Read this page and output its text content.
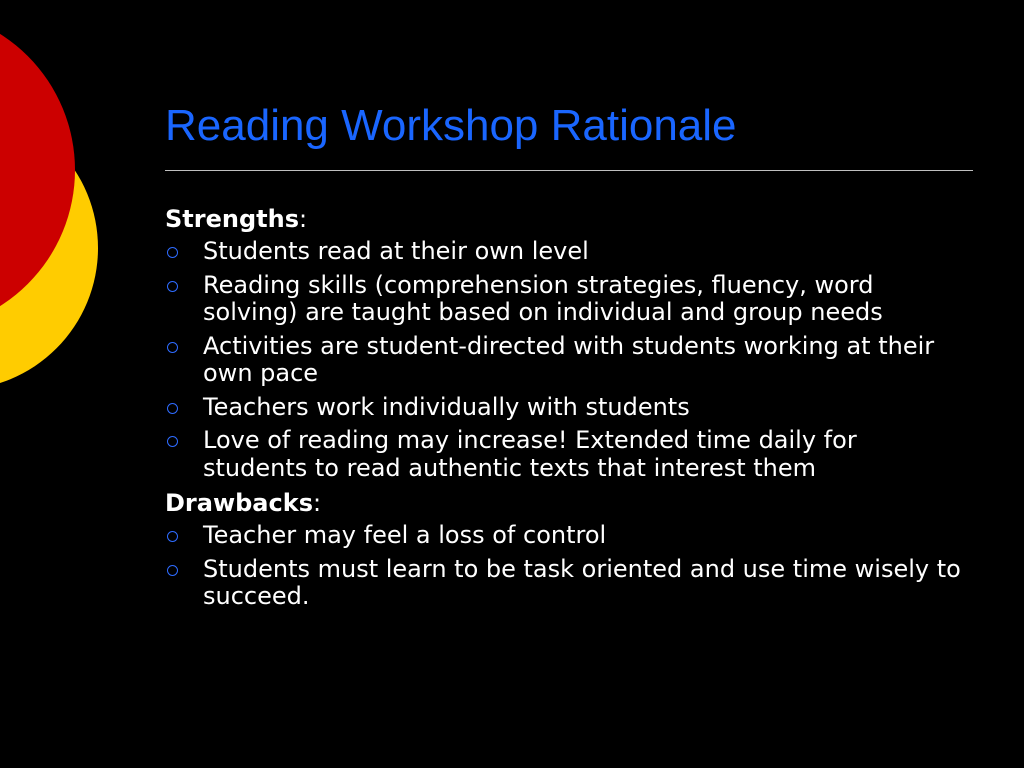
Reading Workshop Rationale
Strengths:
Students read at their own level
Reading skills (comprehension strategies, fluency, word solving) are taught based on individual and group needs
Activities are student-directed with students working at their own pace
Teachers work individually with students
Love of reading may increase! Extended time daily for students to read authentic texts that interest them
Drawbacks:
Teacher may feel a loss of control
Students must learn to be task oriented and use time wisely to succeed.
